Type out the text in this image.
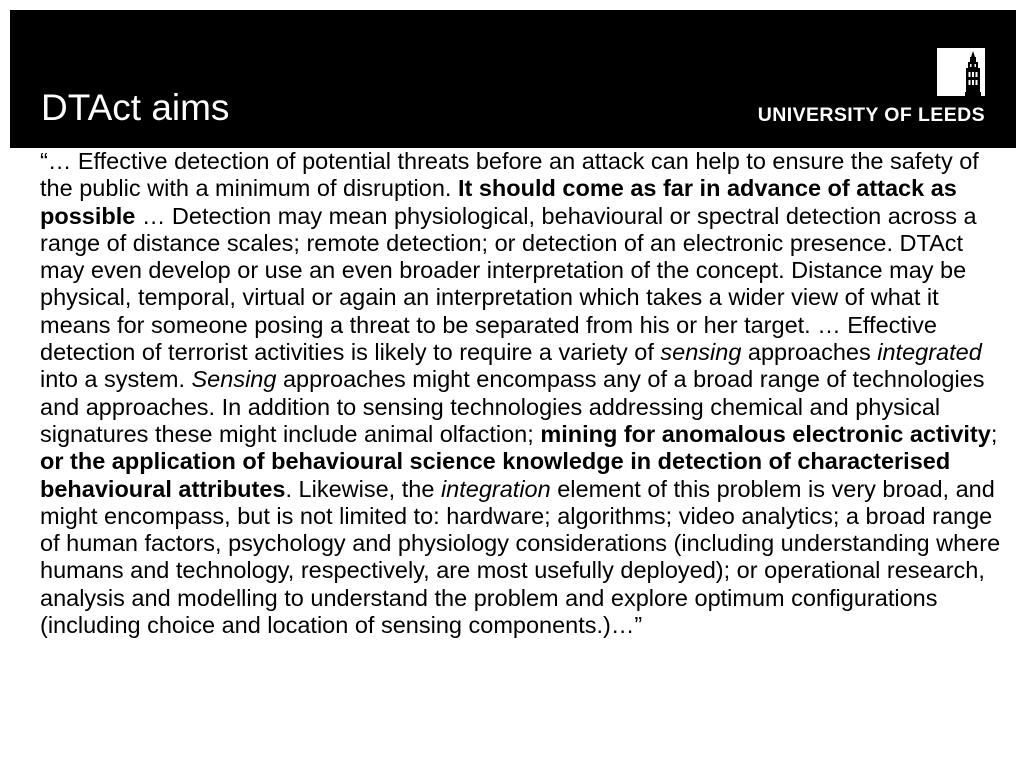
DTAct aims	UNIVERSITY OF LEEDS

“… Effective detection of potential threats before an attack can help to ensure the safety of the public with a minimum of disruption. It should come as far in advance of attack as possible … Detection may mean physiological, behavioural or spectral detection across a range of distance scales; remote detection; or detection of an electronic presence. DTAct may even develop or use an even broader interpretation of the concept. Distance may be physical, temporal, virtual or again an interpretation which takes a wider view of what it means for someone posing a threat to be separated from his or her target. … Effective detection of terrorist activities is likely to require a variety of sensing approaches integrated into a system. Sensing approaches might encompass any of a broad range of technologies and approaches. In addition to sensing technologies addressing chemical and physical signatures these might include animal olfaction; mining for anomalous electronic activity; or the application of behavioural science knowledge in detection of characterised behavioural attributes. Likewise, the integration element of this problem is very broad, and might encompass, but is not limited to: hardware; algorithms; video analytics; a broad range of human factors, psychology and physiology considerations (including understanding where humans and technology, respectively, are most usefully deployed); or operational research, analysis and modelling to understand the problem and explore optimum configurations (including choice and location of sensing components.)…”
